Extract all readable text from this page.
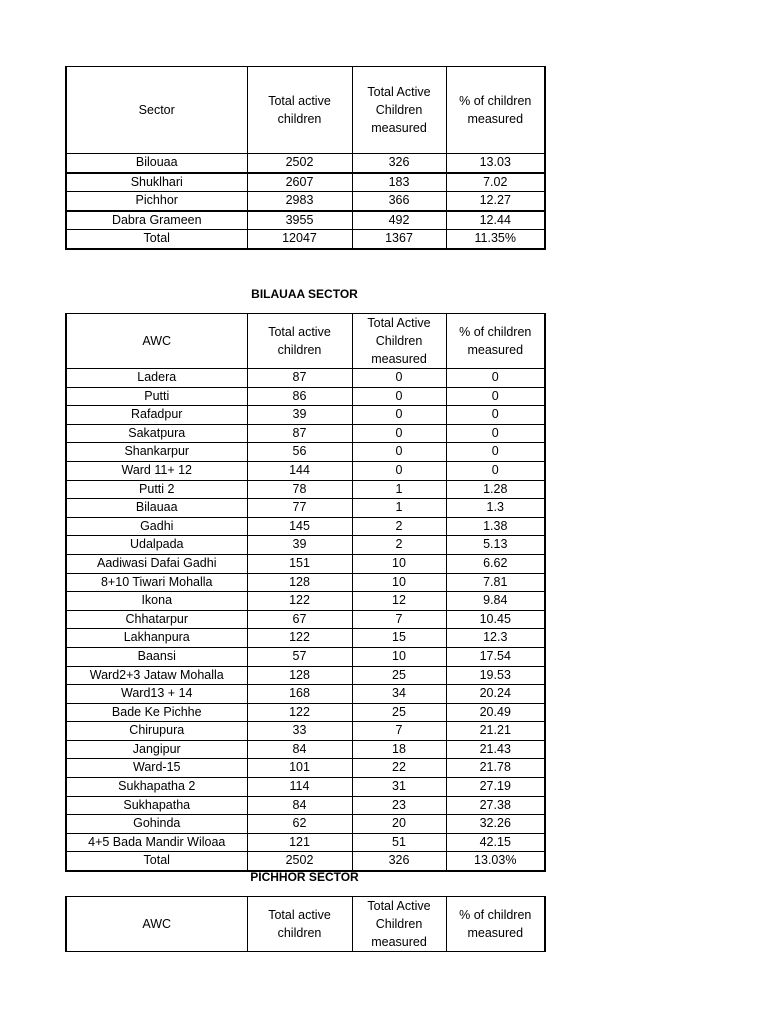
Sector	Total active children	Total Active Children measured	% of children measured
Bilouaa	2502	326	13.03
Shuklhari	2607	183	7.02
Pichhor	2983	366	12.27
Dabra Grameen	3955	492	12.44
Total	12047	1367	11.35%
BILAUAA SECTOR
AWC	Total active children	Total Active Children measured	% of children measured
Ladera	87	0	0
Putti	86	0	0
Rafadpur	39	0	0
Sakatpura	87	0	0
Shankarpur	56	0	0
Ward 11+ 12	144	0	0
Putti 2	78	1	1.28
Bilauaa	77	1	1.3
Gadhi	145	2	1.38
Udalpada	39	2	5.13
Aadiwasi Dafai Gadhi	151	10	6.62
8+10 Tiwari Mohalla	128	10	7.81
Ikona	122	12	9.84
Chhatarpur	67	7	10.45
Lakhanpura	122	15	12.3
Baansi	57	10	17.54
Ward2+3 Jataw Mohalla	128	25	19.53
Ward13 + 14	168	34	20.24
Bade Ke Pichhe	122	25	20.49
Chirupura	33	7	21.21
Jangipur	84	18	21.43
Ward-15	101	22	21.78
Sukhapatha 2	114	31	27.19
Sukhapatha	84	23	27.38
Gohinda	62	20	32.26
4+5 Bada Mandir Wiloaa	121	51	42.15
Total	2502	326	13.03%
PICHHOR SECTOR
AWC	Total active children	Total Active Children measured	% of children measured
